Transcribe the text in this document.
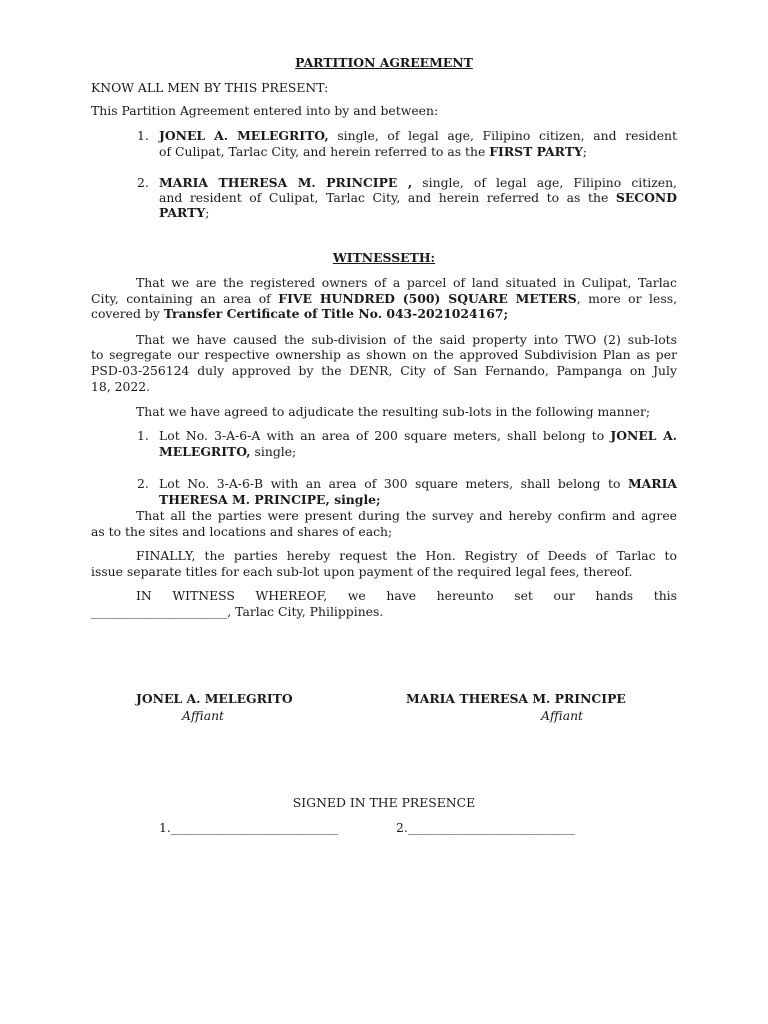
PARTITION AGREEMENT
KNOW ALL MEN BY THIS PRESENT:
This Partition Agreement entered into by and between:
1. JONEL A. MELEGRITO, single, of legal age, Filipino citizen, and resident
of Culipat, Tarlac City, and herein referred to as the FIRST PARTY;
2. MARIA THERESA M. PRINCIPE , single, of legal age, Filipino citizen,
and resident of Culipat, Tarlac City, and herein referred to as the SECOND
PARTY;
WITNESSETH:
That we are the registered owners of a parcel of land situated in Culipat, Tarlac
City, containing an area of FIVE HUNDRED (500) SQUARE METERS, more or less,
covered by Transfer Certificate of Title No. 043-2021024167;
That we have caused the sub-division of the said property into TWO (2) sub-lots
to segregate our respective ownership as shown on the approved Subdivision Plan as per
PSD-03-256124 duly approved by the DENR, City of San Fernando, Pampanga on July
18, 2022.
That we have agreed to adjudicate the resulting sub-lots in the following manner;
1. Lot No. 3-A-6-A with an area of 200 square meters, shall belong to JONEL A.
MELEGRITO, single;
2. Lot No. 3-A-6-B with an area of 300 square meters, shall belong to MARIA
THERESA M. PRINCIPE, single;
That all the parties were present during the survey and hereby confirm and agree
as to the sites and locations and shares of each;
FINALLY, the parties hereby request the Hon. Registry of Deeds of Tarlac to
issue separate titles for each sub-lot upon payment of the required legal fees, thereof.
IN WITNESS WHEREOF, we have hereunto set our hands this
______________________, Tarlac City, Philippines.
JONEL A. MELEGRITO
Affiant
MARIA THERESA M. PRINCIPE
Affiant
SIGNED IN THE PRESENCE
1.___________________________	2.___________________________
